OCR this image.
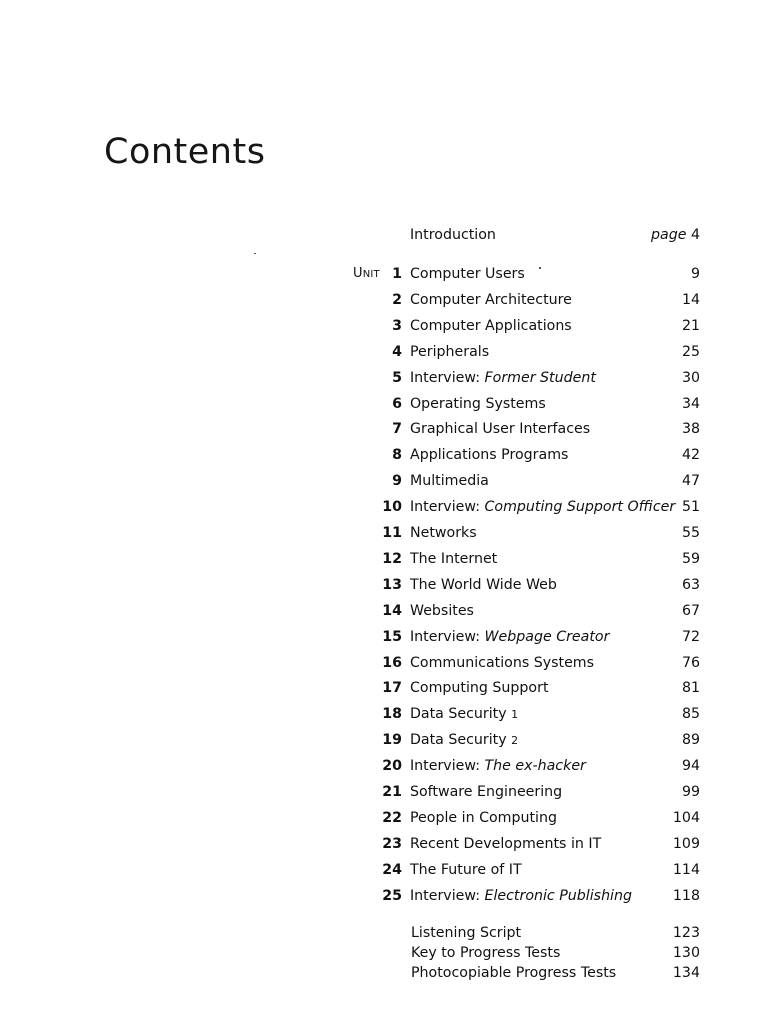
Contents
Introduction	page 4
UNIT 1 Computer Users	9
2 Computer Architecture	14
3 Computer Applications	21
4 Peripherals	25
5 Interview: Former Student	30
6 Operating Systems	34
7 Graphical User Interfaces	38
8 Applications Programs	42
9 Multimedia	47
10 Interview: Computing Support Officer 51
11 Networks	55
12 The Internet	59
13 The World Wide Web	63
14 Websites	67
15 Interview: Webpage Creator	72
16 Communications Systems	76
17 Computing Support	81
18 Data Security 1	85
19 Data Security 2	89
20 Interview: The ex-hacker	94
21 Software Engineering	99
22 People in Computing	104
23 Recent Developments in IT	109
24 The Future of IT	114
25 Interview: Electronic Publishing	118
Listening Script	123
Key to Progress Tests	130
Photocopiable Progress Tests	134
